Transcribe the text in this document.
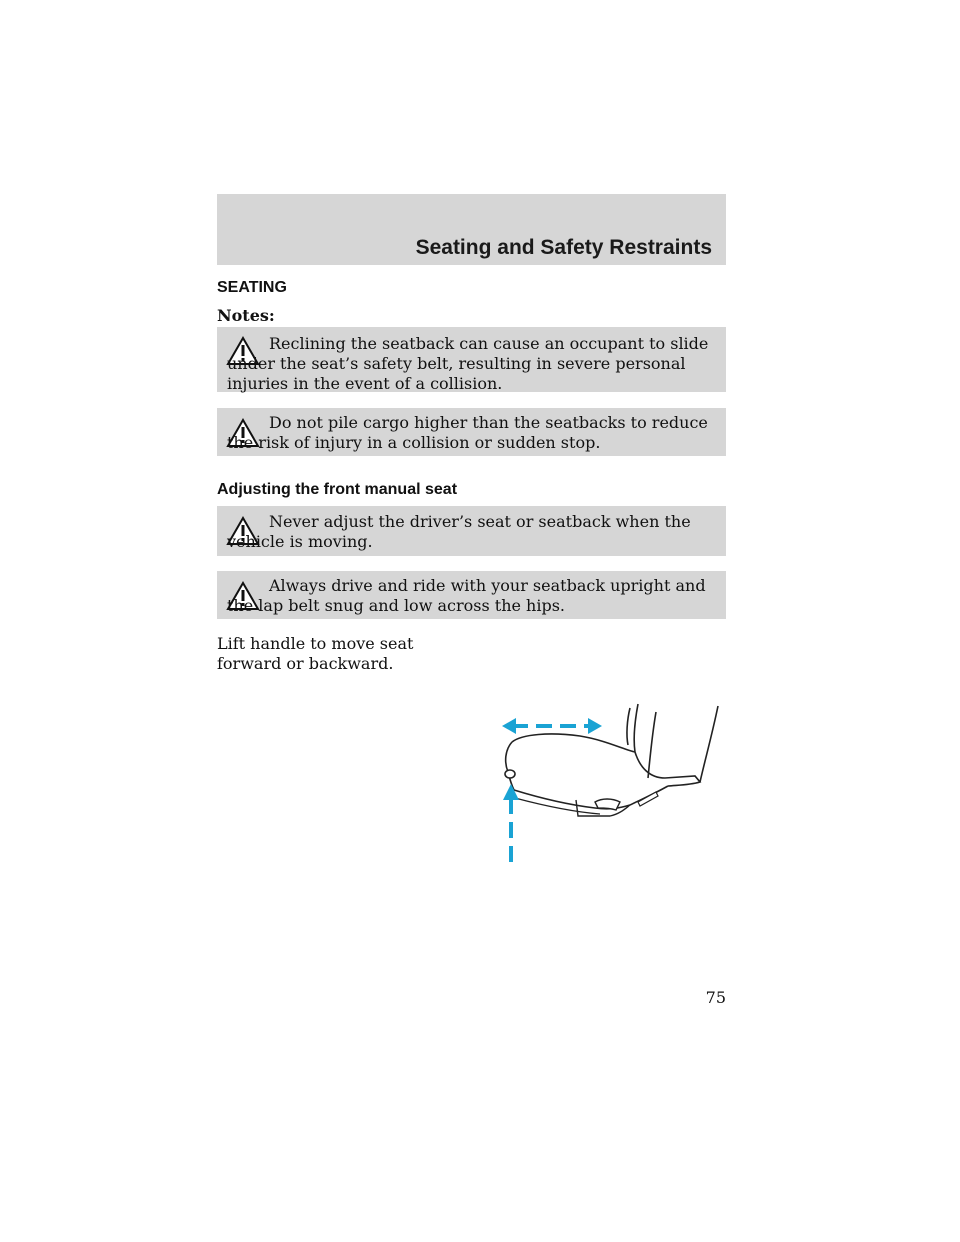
Seating and Safety Restraints
SEATING
Notes:
Reclining the seatback can cause an occupant to slide under the seat’s safety belt, resulting in severe personal injuries in the event of a collision.
Do not pile cargo higher than the seatbacks to reduce the risk of injury in a collision or sudden stop.
Adjusting the front manual seat
Never adjust the driver’s seat or seatback when the vehicle is moving.
Always drive and ride with your seatback upright and the lap belt snug and low across the hips.
Lift handle to move seat forward or backward.
75
